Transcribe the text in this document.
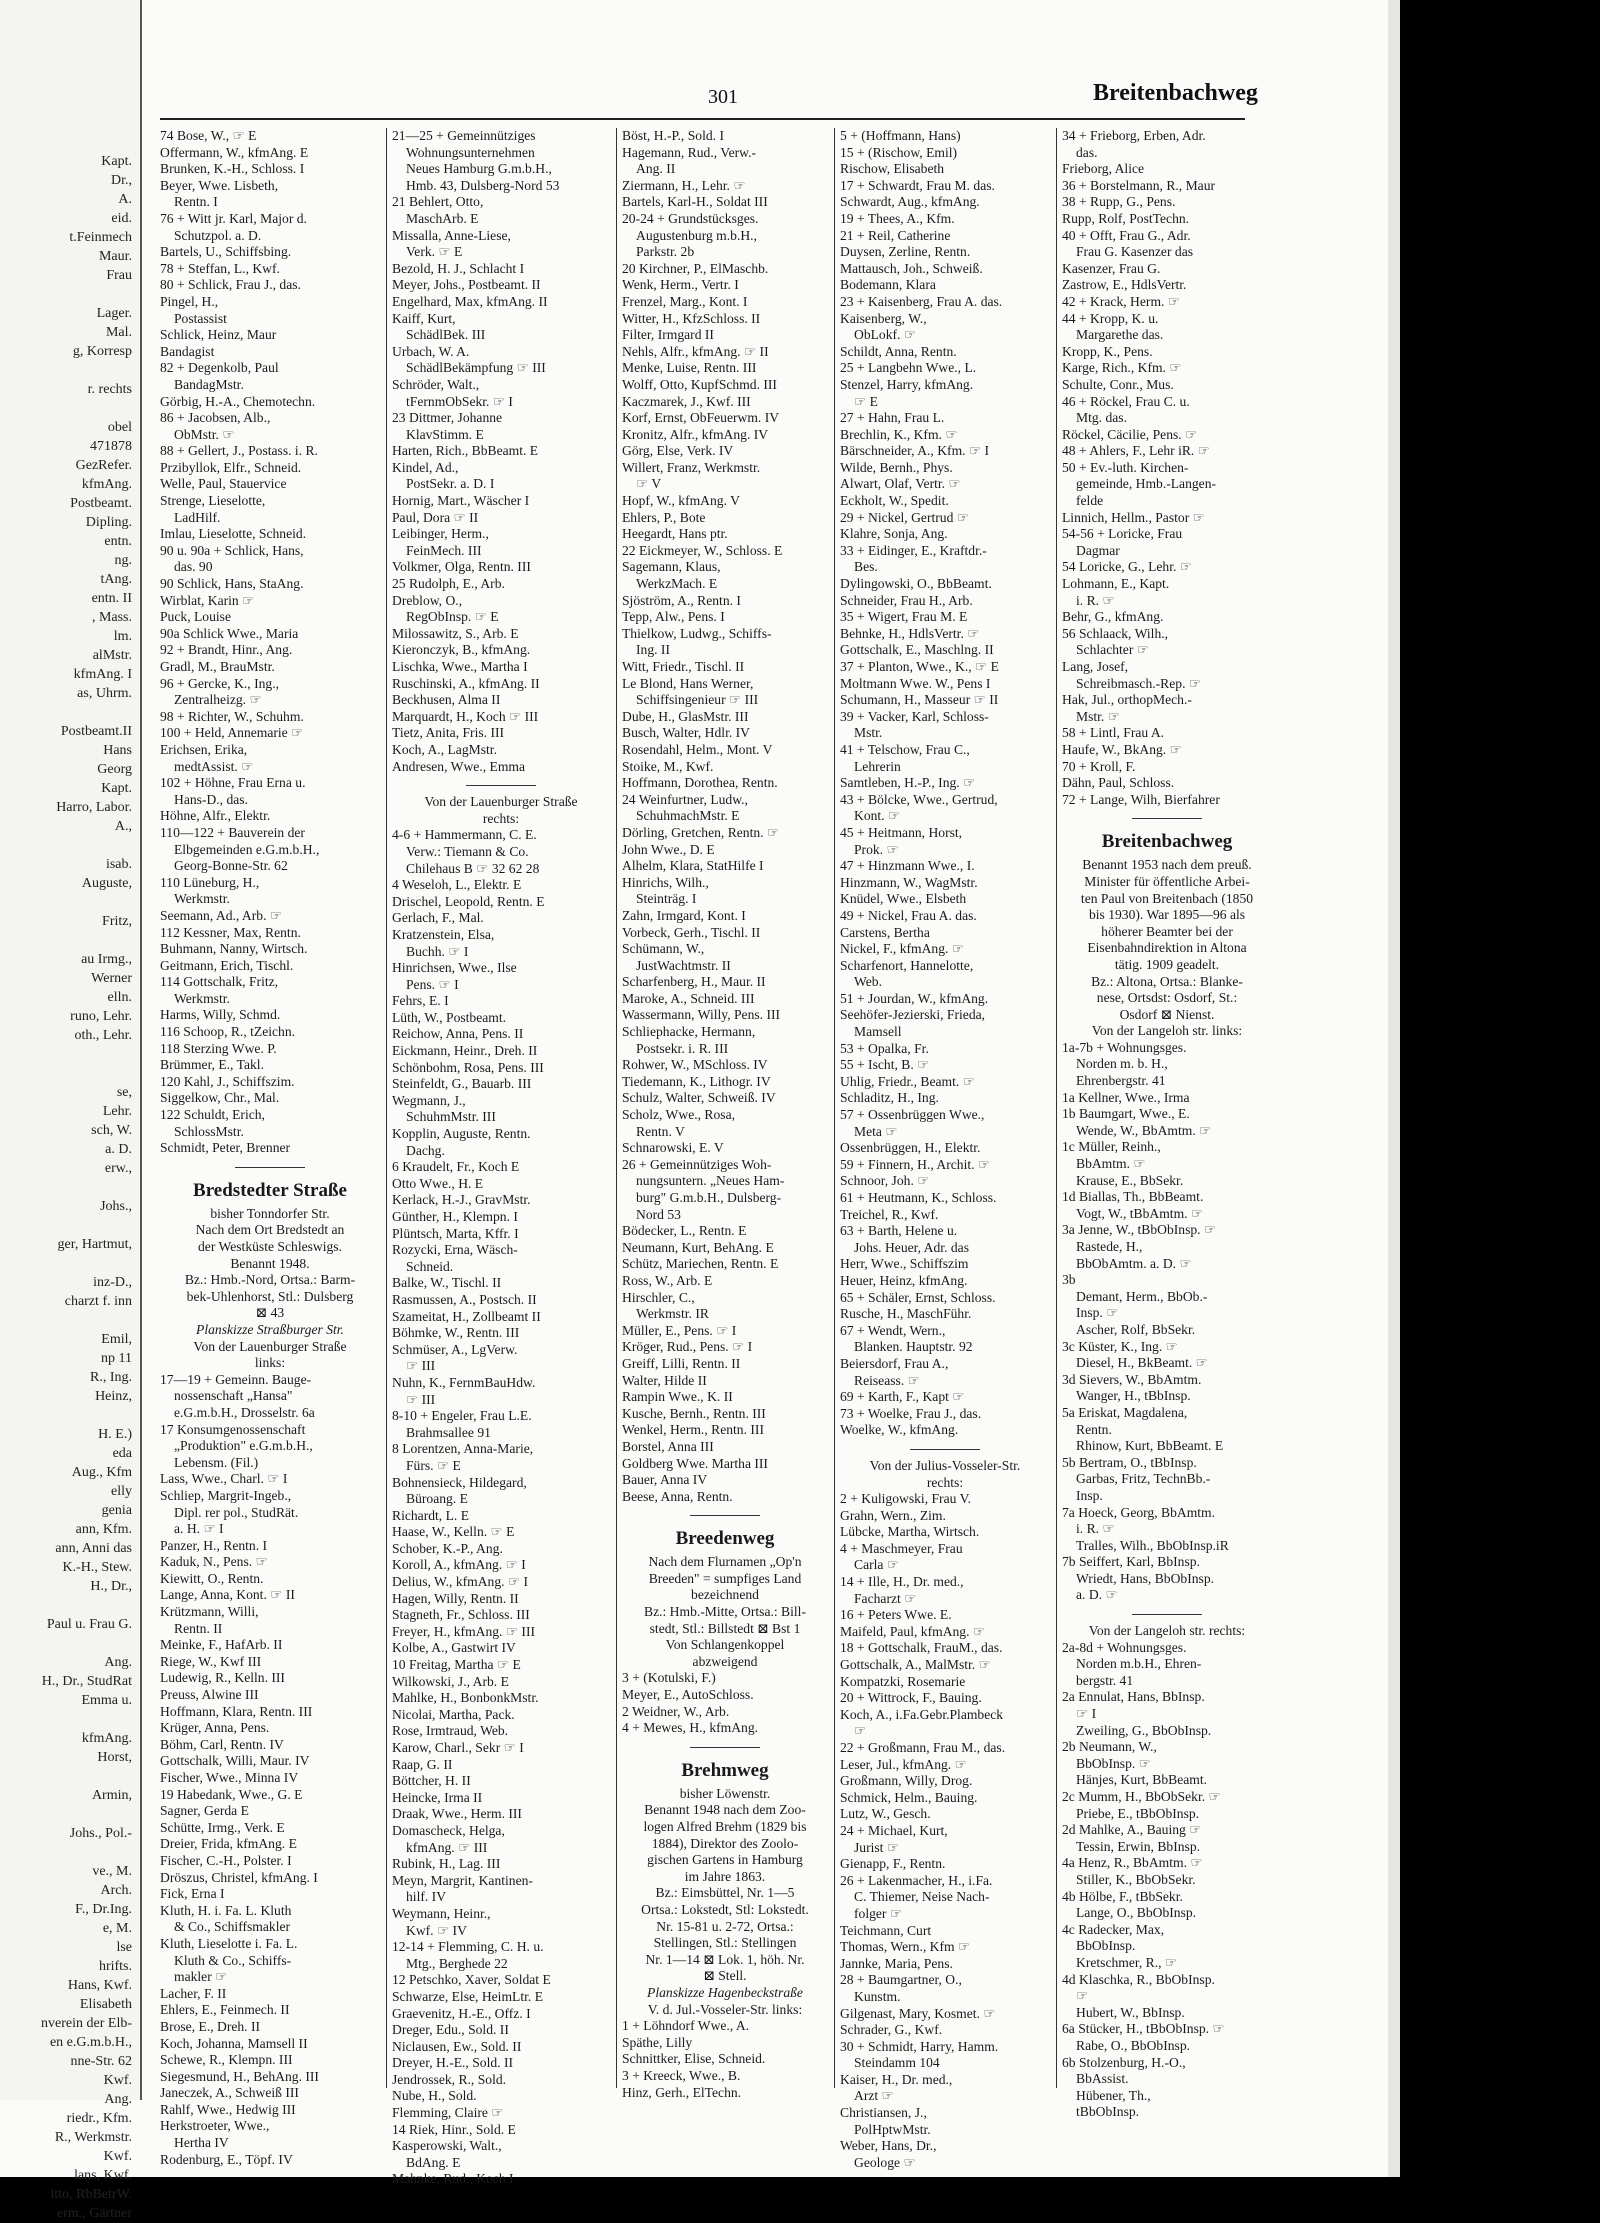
Kapt.
Dr.,
A.
eid.
t.Feinmech
Maur.
Frau

Lager.
Mal.
g, Korresp

r. rechts

obel
471878
GezRefer.
kfmAng.
Postbeamt.
Dipling.
entn.
ng.
tAng.
entn. II
, Mass.
lm.
alMstr.
kfmAng. I
as, Uhrm.

Postbeamt.II
Hans
Georg
Kapt.
Harro, Labor.
A.,

isab.
Auguste,

Fritz,

au Irmg.,
Werner
elln.
runo, Lehr.
oth., Lehr.

se,
Lehr.
sch, W.
a. D.
erw.,

Johs.,

ger, Hartmut,

inz-D.,
charzt f. inn

Emil,
np 11
R., Ing.
Heinz,

H. E.)
eda
Aug., Kfm
elly
genia
ann, Kfm.
ann, Anni das
K.-H., Stew.
H., Dr.,

Paul u. Frau G.

Ang.
H., Dr., StudRat
Emma u.

kfmAng.
Horst,

Armin,

Johs., Pol.-

ve., M.
Arch.
F., Dr.Ing.
e, M.
lse
hrifts.
Hans, Kwf.
Elisabeth
nverein der Elb-
en e.G.m.b.H.,
nne-Str. 62
Kwf.
Ang.
riedr., Kfm.
R., Werkmstr.
Kwf.
lans, Kwf.
itto, RbBetrW.
erm., Gärtner
301	Breitenbachweg
74 Bose, W., ☞ E
Offermann, W., kfmAng. E
Brunken, K.-H., Schloss. I
Beyer, Wwe. Lisbeth,
Rentn. I
76 + Witt jr. Karl, Major d.
Schutzpol. a. D.
Bartels, U., Schiffsbing.
78 + Steffan, L., Kwf.
80 + Schlick, Frau J., das.
Pingel, H.,
Postassist
Schlick, Heinz, Maur
Bandagist
82 + Degenkolb, Paul
BandagMstr.
Görbig, H.-A., Chemotechn.
86 + Jacobsen, Alb.,
ObMstr. ☞
88 + Gellert, J., Postass. i. R.
Przibyllok, Elfr., Schneid.
Welle, Paul, Stauervice
Strenge, Lieselotte,
LadHilf.
Imlau, Lieselotte, Schneid.
90 u. 90a + Schlick, Hans,
das. 90
90 Schlick, Hans, StaAng.
Wirblat, Karin ☞
Puck, Louise
90a Schlick Wwe., Maria
92 + Brandt, Hinr., Ang.
Gradl, M., BrauMstr.
96 + Gercke, K., Ing.,
Zentralheizg. ☞
98 + Richter, W., Schuhm.
100 + Held, Annemarie ☞
Erichsen, Erika,
medtAssist. ☞
102 + Höhne, Frau Erna u.
Hans-D., das.
Höhne, Alfr., Elektr.
110—122 + Bauverein der
Elbgemeinden e.G.m.b.H.,
Georg-Bonne-Str. 62
110 Lüneburg, H.,
Werkmstr.
Seemann, Ad., Arb. ☞
112 Kessner, Max, Rentn.
Buhmann, Nanny, Wirtsch.
Geitmann, Erich, Tischl.
114 Gottschalk, Fritz,
Werkmstr.
Harms, Willy, Schmd.
116 Schoop, R., tZeichn.
118 Sterzing Wwe. P.
Brümmer, E., Takl.
120 Kahl, J., Schiffszim.
Siggelkow, Chr., Mal.
122 Schuldt, Erich,
SchlossMstr.
Schmidt, Peter, Brenner
Bredstedter Straße
bisher Tonndorfer Str.
Nach dem Ort Bredstedt an
der Westküste Schleswigs.
Benannt 1948.
Bz.: Hmb.-Nord, Ortsa.: Barm-
bek-Uhlenhorst, Stl.: Dulsberg
⊠ 43
Planskizze Straßburger Str.
Von der Lauenburger Straße
links:
17—19 + Gemeinn. Bauge-
nossenschaft „Hansa"
e.G.m.b.H., Drosselstr. 6a
17 Konsumgenossenschaft
„Produktion" e.G.m.b.H.,
Lebensm. (Fil.)
Lass, Wwe., Charl. ☞ I
Schliep, Margrit-Ingeb.,
Dipl. rer pol., StudRät.
a. H. ☞ I
Panzer, H., Rentn. I
Kaduk, N., Pens. ☞
Kiewitt, O., Rentn.
Lange, Anna, Kont. ☞ II
Krützmann, Willi,
Rentn. II
Meinke, F., HafArb. II
Riege, W., Kwf III
Ludewig, R., Kelln. III
Preuss, Alwine III
Hoffmann, Klara, Rentn. III
Krüger, Anna, Pens.
Böhm, Carl, Rentn. IV
Gottschalk, Willi, Maur. IV
Fischer, Wwe., Minna IV
19 Habedank, Wwe., G. E
Sagner, Gerda E
Schütte, Irmg., Verk. E
Dreier, Frida, kfmAng. E
Fischer, C.-H., Polster. I
Dröszus, Christel, kfmAng. I
Fick, Erna I
Kluth, H. i. Fa. L. Kluth
& Co., Schiffsmakler
Kluth, Lieselotte i. Fa. L.
Kluth & Co., Schiffs-
makler ☞
Lacher, F. II
Ehlers, E., Feinmech. II
Brose, E., Dreh. II
Koch, Johanna, Mamsell II
Schewe, R., Klempn. III
Siegesmund, H., BehAng. III
Janeczek, A., Schweiß III
Rahlf, Wwe., Hedwig III
Herkstroeter, Wwe.,
Hertha IV
Rodenburg, E., Töpf. IV
21—25 + Gemeinnütziges
Wohnungsunternehmen
Neues Hamburg G.m.b.H.,
Hmb. 43, Dulsberg-Nord 53
21 Behlert, Otto,
MaschArb. E
Missalla, Anne-Liese,
Verk. ☞ E
Bezold, H. J., Schlacht I
Meyer, Johs., Postbeamt. II
Engelhard, Max, kfmAng. II
Kaiff, Kurt,
SchädlBek. III
Urbach, W. A.
SchädlBekämpfung ☞ III
Schröder, Walt.,
tFernmObSekr. ☞ I
23 Dittmer, Johanne
KlavStimm. E
Harten, Rich., BbBeamt. E
Kindel, Ad.,
PostSekr. a. D. I
Hornig, Mart., Wäscher I
Paul, Dora ☞ II
Leibinger, Herm.,
FeinMech. III
Volkmer, Olga, Rentn. III
25 Rudolph, E., Arb.
Dreblow, O.,
RegObInsp. ☞ E
Milossawitz, S., Arb. E
Kieronczyk, B., kfmAng.
Lischka, Wwe., Martha I
Ruschinski, A., kfmAng. II
Beckhusen, Alma II
Marquardt, H., Koch ☞ III
Tietz, Anita, Fris. III
Koch, A., LagMstr.
Andresen, Wwe., Emma
Von der Lauenburger Straße
rechts:
4-6 + Hammermann, C. E.
Verw.: Tiemann & Co.
Chilehaus B ☞ 32 62 28
4 Weseloh, L., Elektr. E
Drischel, Leopold, Rentn. E
Gerlach, F., Mal.
Kratzenstein, Elsa,
Buchh. ☞ I
Hinrichsen, Wwe., Ilse
Pens. ☞ I
Fehrs, E. I
Lüth, W., Postbeamt.
Reichow, Anna, Pens. II
Eickmann, Heinr., Dreh. II
Schönbohm, Rosa, Pens. III
Steinfeldt, G., Bauarb. III
Wegmann, J.,
SchuhmMstr. III
Kopplin, Auguste, Rentn.
Dachg.
6 Kraudelt, Fr., Koch E
Otto Wwe., H. E
Kerlack, H.-J., GravMstr.
Günther, H., Klempn. I
Plüntsch, Marta, Kffr. I
Rozycki, Erna, Wäsch-
Schneid.
Balke, W., Tischl. II
Rasmussen, A., Postsch. II
Szameitat, H., Zollbeamt II
Böhmke, W., Rentn. III
Schmüser, A., LgVerw.
☞ III
Nuhn, K., FernmBauHdw.
☞ III
8-10 + Engeler, Frau L.E.
Brahmsallee 91
8 Lorentzen, Anna-Marie,
Fürs. ☞ E
Bohnensieck, Hildegard,
Büroang. E
Richardt, L. E
Haase, W., Kelln. ☞ E
Schober, K.-P., Ang.
Koroll, A., kfmAng. ☞ I
Delius, W., kfmAng. ☞ I
Hagen, Willy, Rentn. II
Stagneth, Fr., Schloss. III
Freyer, H., kfmAng. ☞ III
Kolbe, A., Gastwirt IV
10 Freitag, Martha ☞ E
Wilkowski, J., Arb. E
Mahlke, H., BonbonkMstr.
Nicolai, Martha, Pack.
Rose, Irmtraud, Web.
Karow, Charl., Sekr ☞ I
Raap, G. II
Böttcher, H. II
Heincke, Irma II
Draak, Wwe., Herm. III
Domascheck, Helga,
kfmAng. ☞ III
Rubink, H., Lag. III
Meyn, Margrit, Kantinen-
hilf. IV
Weymann, Heinr.,
Kwf. ☞ IV
12-14 + Flemming, C. H. u.
Mtg., Berghede 22
12 Petschko, Xaver, Soldat E
Schwarze, Else, HeimLtr. E
Graevenitz, H.-E., Offz. I
Dreger, Edu., Sold. II
Niclausen, Ew., Sold. II
Dreyer, H.-E., Sold. II
Jendrossek, R., Sold.
Nube, H., Sold.
Flemming, Claire ☞
14 Riek, Hinr., Sold. E
Kasperowski, Walt.,
BdAng. E
Mahnke, Rud., Koch I
Böst, H.-P., Sold. I
Hagemann, Rud., Verw.-
Ang. II
Ziermann, H., Lehr. ☞
Bartels, Karl-H., Soldat III
20-24 + Grundstücksges.
Augustenburg m.b.H.,
Parkstr. 2b
20 Kirchner, P., ElMaschb.
Wenk, Herm., Vertr. I
Frenzel, Marg., Kont. I
Witter, H., KfzSchloss. II
Filter, Irmgard II
Nehls, Alfr., kfmAng. ☞ II
Menke, Luise, Rentn. III
Wolff, Otto, KupfSchmd. III
Kaczmarek, J., Kwf. III
Korf, Ernst, ObFeuerwm. IV
Kronitz, Alfr., kfmAng. IV
Görg, Else, Verk. IV
Willert, Franz, Werkmstr.
☞ V
Hopf, W., kfmAng. V
Ehlers, P., Bote
Heegardt, Hans ptr.
22 Eickmeyer, W., Schloss. E
Sagemann, Klaus,
WerkzMach. E
Sjöström, A., Rentn. I
Tepp, Alw., Pens. I
Thielkow, Ludwg., Schiffs-
Ing. II
Witt, Friedr., Tischl. II
Le Blond, Hans Werner,
Schiffsingenieur ☞ III
Dube, H., GlasMstr. III
Busch, Walter, Hdlr. IV
Rosendahl, Helm., Mont. V
Stoike, M., Kwf.
Hoffmann, Dorothea, Rentn.
24 Weinfurtner, Ludw.,
SchuhmachMstr. E
Dörling, Gretchen, Rentn. ☞
John Wwe., D. E
Alhelm, Klara, StatHilfe I
Hinrichs, Wilh.,
Steinträg. I
Zahn, Irmgard, Kont. I
Vorbeck, Gerh., Tischl. II
Schümann, W.,
JustWachtmstr. II
Scharfenberg, H., Maur. II
Maroke, A., Schneid. III
Wassermann, Willy, Pens. III
Schliephacke, Hermann,
Postsekr. i. R. III
Rohwer, W., MSchloss. IV
Tiedemann, K., Lithogr. IV
Schulz, Walter, Schweiß. IV
Scholz, Wwe., Rosa,
Rentn. V
Schnarowski, E. V
26 + Gemeinnütziges Woh-
nungsuntern. „Neues Ham-
burg" G.m.b.H., Dulsberg-
Nord 53
Bödecker, L., Rentn. E
Neumann, Kurt, BehAng. E
Schütz, Mariechen, Rentn. E
Ross, W., Arb. E
Hirschler, C.,
Werkmstr. IR
Müller, E., Pens. ☞ I
Kröger, Rud., Pens. ☞ I
Greiff, Lilli, Rentn. II
Walter, Hilde II
Rampin Wwe., K. II
Kusche, Bernh., Rentn. III
Wenkel, Herm., Rentn. III
Borstel, Anna III
Goldberg Wwe. Martha III
Bauer, Anna IV
Beese, Anna, Rentn.
Breedenweg
Nach dem Flurnamen „Op'n
Breeden" = sumpfiges Land
bezeichnend
Bz.: Hmb.-Mitte, Ortsa.: Bill-
stedt, Stl.: Billstedt ⊠ Bst 1
Von Schlangenkoppel
abzweigend
3 + (Kotulski, F.)
Meyer, E., AutoSchloss.
2 Weidner, W., Arb.
4 + Mewes, H., kfmAng.
Brehmweg
bisher Löwenstr.
Benannt 1948 nach dem Zoo-
logen Alfred Brehm (1829 bis
1884), Direktor des Zoolo-
gischen Gartens in Hamburg
im Jahre 1863.
Bz.: Eimsbüttel, Nr. 1—5
Ortsa.: Lokstedt, Stl: Lokstedt.
Nr. 15-81 u. 2-72, Ortsa.:
Stellingen, Stl.: Stellingen
Nr. 1—14 ⊠ Lok. 1, höh. Nr.
⊠ Stell.
Planskizze Hagenbeckstraße
V. d. Jul.-Vosseler-Str. links:
1 + Löhndorf Wwe., A.
Späthe, Lilly
Schnittker, Elise, Schneid.
3 + Kreeck, Wwe., B.
Hinz, Gerh., ElTechn.
5 + (Hoffmann, Hans)
15 + (Rischow, Emil)
Rischow, Elisabeth
17 + Schwardt, Frau M. das.
Schwardt, Aug., kfmAng.
19 + Thees, A., Kfm.
21 + Reil, Catherine
Duysen, Zerline, Rentn.
Mattausch, Joh., Schweiß.
Bodemann, Klara
23 + Kaisenberg, Frau A. das.
Kaisenberg, W.,
ObLokf. ☞
Schildt, Anna, Rentn.
25 + Langbehn Wwe., L.
Stenzel, Harry, kfmAng.
☞ E
27 + Hahn, Frau L.
Brechlin, K., Kfm. ☞
Bärschneider, A., Kfm. ☞ I
Wilde, Bernh., Phys.
Alwart, Olaf, Vertr. ☞
Eckholt, W., Spedit.
29 + Nickel, Gertrud ☞
Klahre, Sonja, Ang.
33 + Eidinger, E., Kraftdr.-
Bes.
Dylingowski, O., BbBeamt.
Schneider, Frau H., Arb.
35 + Wigert, Frau M. E
Behnke, H., HdlsVertr. ☞
Gottschalk, E., Maschlng. II
37 + Planton, Wwe., K., ☞ E
Moltmann Wwe. W., Pens I
Schumann, H., Masseur ☞ II
39 + Vacker, Karl, Schloss-
Mstr.
41 + Telschow, Frau C.,
Lehrerin
Samtleben, H.-P., Ing. ☞
43 + Bölcke, Wwe., Gertrud,
Kont. ☞
45 + Heitmann, Horst,
Prok. ☞
47 + Hinzmann Wwe., I.
Hinzmann, W., WagMstr.
Knüdel, Wwe., Elsbeth
49 + Nickel, Frau A. das.
Carstens, Bertha
Nickel, F., kfmAng. ☞
Scharfenort, Hannelotte,
Web.
51 + Jourdan, W., kfmAng.
Seehöfer-Jezierski, Frieda,
Mamsell
53 + Opalka, Fr.
55 + Ischt, B. ☞
Uhlig, Friedr., Beamt. ☞
Schladitz, H., Ing.
57 + Ossenbrüggen Wwe.,
Meta ☞
Ossenbrüggen, H., Elektr.
59 + Finnern, H., Archit. ☞
Schnoor, Joh. ☞
61 + Heutmann, K., Schloss.
Treichel, R., Kwf.
63 + Barth, Helene u.
Johs. Heuer, Adr. das
Herr, Wwe., Schiffszim
Heuer, Heinz, kfmAng.
65 + Schäler, Ernst, Schloss.
Rusche, H., MaschFühr.
67 + Wendt, Wern.,
Blanken. Hauptstr. 92
Beiersdorf, Frau A.,
Reiseass. ☞
69 + Karth, F., Kapt ☞
73 + Woelke, Frau J., das.
Woelke, W., kfmAng.
Von der Julius-Vosseler-Str.
rechts:
2 + Kuligowski, Frau V.
Grahn, Wern., Zim.
Lübcke, Martha, Wirtsch.
4 + Maschmeyer, Frau
Carla ☞
14 + Ille, H., Dr. med.,
Facharzt ☞
16 + Peters Wwe. E.
Maifeld, Paul, kfmAng. ☞
18 + Gottschalk, FrauM., das.
Gottschalk, A., MalMstr. ☞
Kompatzki, Rosemarie
20 + Wittrock, F., Bauing.
Koch, A., i.Fa.Gebr.Plambeck
☞
22 + Großmann, Frau M., das.
Leser, Jul., kfmAng. ☞
Großmann, Willy, Drog.
Schmick, Helm., Bauing.
Lutz, W., Gesch.
24 + Michael, Kurt,
Jurist ☞
Gienapp, F., Rentn.
26 + Lakenmacher, H., i.Fa.
C. Thiemer, Neise Nach-
folger ☞
Teichmann, Curt
Thomas, Wern., Kfm ☞
Jannke, Maria, Pens.
28 + Baumgartner, O.,
Kunstm.
Gilgenast, Mary, Kosmet. ☞
Schrader, G., Kwf.
30 + Schmidt, Harry, Hamm.
Steindamm 104
Kaiser, H., Dr. med.,
Arzt ☞
Christiansen, J.,
PolHptwMstr.
Weber, Hans, Dr.,
Geologe ☞
34 + Frieborg, Erben, Adr.
das.
Frieborg, Alice
36 + Borstelmann, R., Maur
38 + Rupp, G., Pens.
Rupp, Rolf, PostTechn.
40 + Offt, Frau G., Adr.
Frau G. Kasenzer das
Kasenzer, Frau G.
Zastrow, E., HdlsVertr.
42 + Krack, Herm. ☞
44 + Kropp, K. u.
Margarethe das.
Kropp, K., Pens.
Karge, Rich., Kfm. ☞
Schulte, Conr., Mus.
46 + Röckel, Frau C. u.
Mtg. das.
Röckel, Cäcilie, Pens. ☞
48 + Ahlers, F., Lehr iR. ☞
50 + Ev.-luth. Kirchen-
gemeinde, Hmb.-Langen-
felde
Linnich, Hellm., Pastor ☞
54-56 + Loricke, Frau
Dagmar
54 Loricke, G., Lehr. ☞
Lohmann, E., Kapt.
i. R. ☞
Behr, G., kfmAng.
56 Schlaack, Wilh.,
Schlachter ☞
Lang, Josef,
Schreibmasch.-Rep. ☞
Hak, Jul., orthopMech.-
Mstr. ☞
58 + Lintl, Frau A.
Haufe, W., BkAng. ☞
70 + Kroll, F.
Dähn, Paul, Schloss.
72 + Lange, Wilh, Bierfahrer
Breitenbachweg
Benannt 1953 nach dem preuß.
Minister für öffentliche Arbei-
ten Paul von Breitenbach (1850
bis 1930). War 1895—96 als
höherer Beamter bei der
Eisenbahndirektion in Altona
tätig. 1909 geadelt.
Bz.: Altona, Ortsa.: Blanke-
nese, Ortsdst: Osdorf, St.:
Osdorf ⊠ Nienst.
Von der Langeloh str. links:
1a-7b + Wohnungsges.
Norden m. b. H.,
Ehrenbergstr. 41
1a Kellner, Wwe., Irma
1b Baumgart, Wwe., E.
Wende, W., BbAmtm. ☞
1c Müller, Reinh.,
BbAmtm. ☞
Krause, E., BbSekr.
1d Biallas, Th., BbBeamt.
Vogt, W., tBbAmtm. ☞
3a Jenne, W., tBbObInsp. ☞
Rastede, H.,
BbObAmtm. a. D. ☞
3b
Demant, Herm., BbOb.-
Insp. ☞
Ascher, Rolf, BbSekr.
3c Küster, K., Ing. ☞
Diesel, H., BkBeamt. ☞
3d Sievers, W., BbAmtm.
Wanger, H., tBbInsp.
5a Eriskat, Magdalena,
Rentn.
Rhinow, Kurt, BbBeamt. E
5b Bertram, O., tBbInsp.
Garbas, Fritz, TechnBb.-
Insp.
7a Hoeck, Georg, BbAmtm.
i. R. ☞
Tralles, Wilh., BbObInsp.iR
7b Seiffert, Karl, BbInsp.
Wriedt, Hans, BbObInsp.
a. D. ☞
Von der Langeloh str. rechts:
2a-8d + Wohnungsges.
Norden m.b.H., Ehren-
bergstr. 41
2a Ennulat, Hans, BbInsp.
☞ I
Zweiling, G., BbObInsp.
2b Neumann, W.,
BbObInsp. ☞
Hänjes, Kurt, BbBeamt.
2c Mumm, H., BbObSekr. ☞
Priebe, E., tBbObInsp.
2d Mahlke, A., Bauing ☞
Tessin, Erwin, BbInsp.
4a Henz, R., BbAmtm. ☞
Stiller, K., BbObSekr.
4b Hölbe, F., tBbSekr.
Lange, O., BbObInsp.
4c Radecker, Max,
BbObInsp.
Kretschmer, R., ☞
4d Klaschka, R., BbObInsp.
☞
Hubert, W., BbInsp.
6a Stücker, H., tBbObInsp. ☞
Rabe, O., BbObInsp.
6b Stolzenburg, H.-O.,
BbAssist.
Hübener, Th.,
tBbObInsp.
